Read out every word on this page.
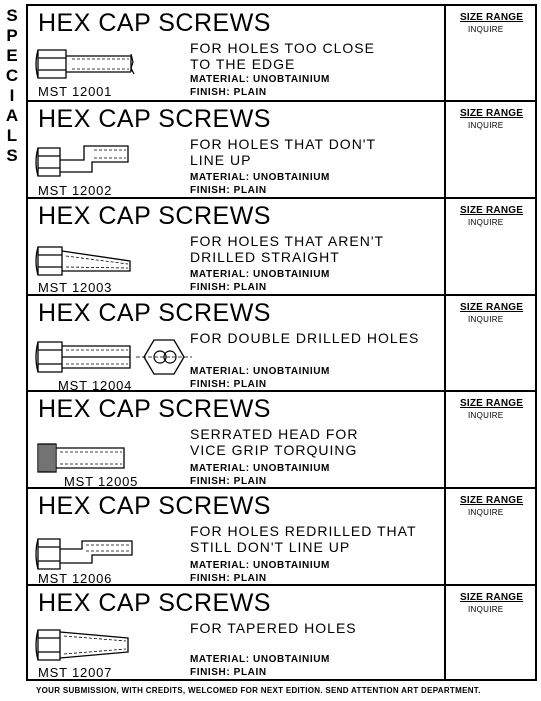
S
P
E
C
I
A
L
S
HEX CAP SCREWS
FOR HOLES TOO CLOSE
TO THE EDGE
MST 12001
MATERIAL: UNOBTAINIUM
FINISH: PLAIN
SIZE RANGE
INQUIRE
HEX CAP SCREWS
FOR HOLES THAT DON'T
LINE UP
MST 12002
MATERIAL: UNOBTAINIUM
FINISH: PLAIN
SIZE RANGE
INQUIRE
HEX CAP SCREWS
FOR HOLES THAT AREN'T
DRILLED STRAIGHT
MST 12003
MATERIAL: UNOBTAINIUM
FINISH: PLAIN
SIZE RANGE
INQUIRE
HEX CAP SCREWS
FOR DOUBLE DRILLED HOLES
MST 12004
MATERIAL: UNOBTAINIUM
FINISH: PLAIN
SIZE RANGE
INQUIRE
HEX CAP SCREWS
SERRATED HEAD FOR
VICE GRIP TORQUING
MST 12005
MATERIAL: UNOBTAINIUM
FINISH: PLAIN
SIZE RANGE
INQUIRE
HEX CAP SCREWS
FOR HOLES REDRILLED THAT
STILL DON'T LINE UP
MST 12006
MATERIAL: UNOBTAINIUM
FINISH: PLAIN
SIZE RANGE
INQUIRE
HEX CAP SCREWS
FOR TAPERED HOLES
MST 12007
MATERIAL: UNOBTAINIUM
FINISH: PLAIN
SIZE RANGE
INQUIRE
YOUR SUBMISSION, WITH CREDITS, WELCOMED FOR NEXT EDITION. SEND ATTENTION ART DEPARTMENT.
